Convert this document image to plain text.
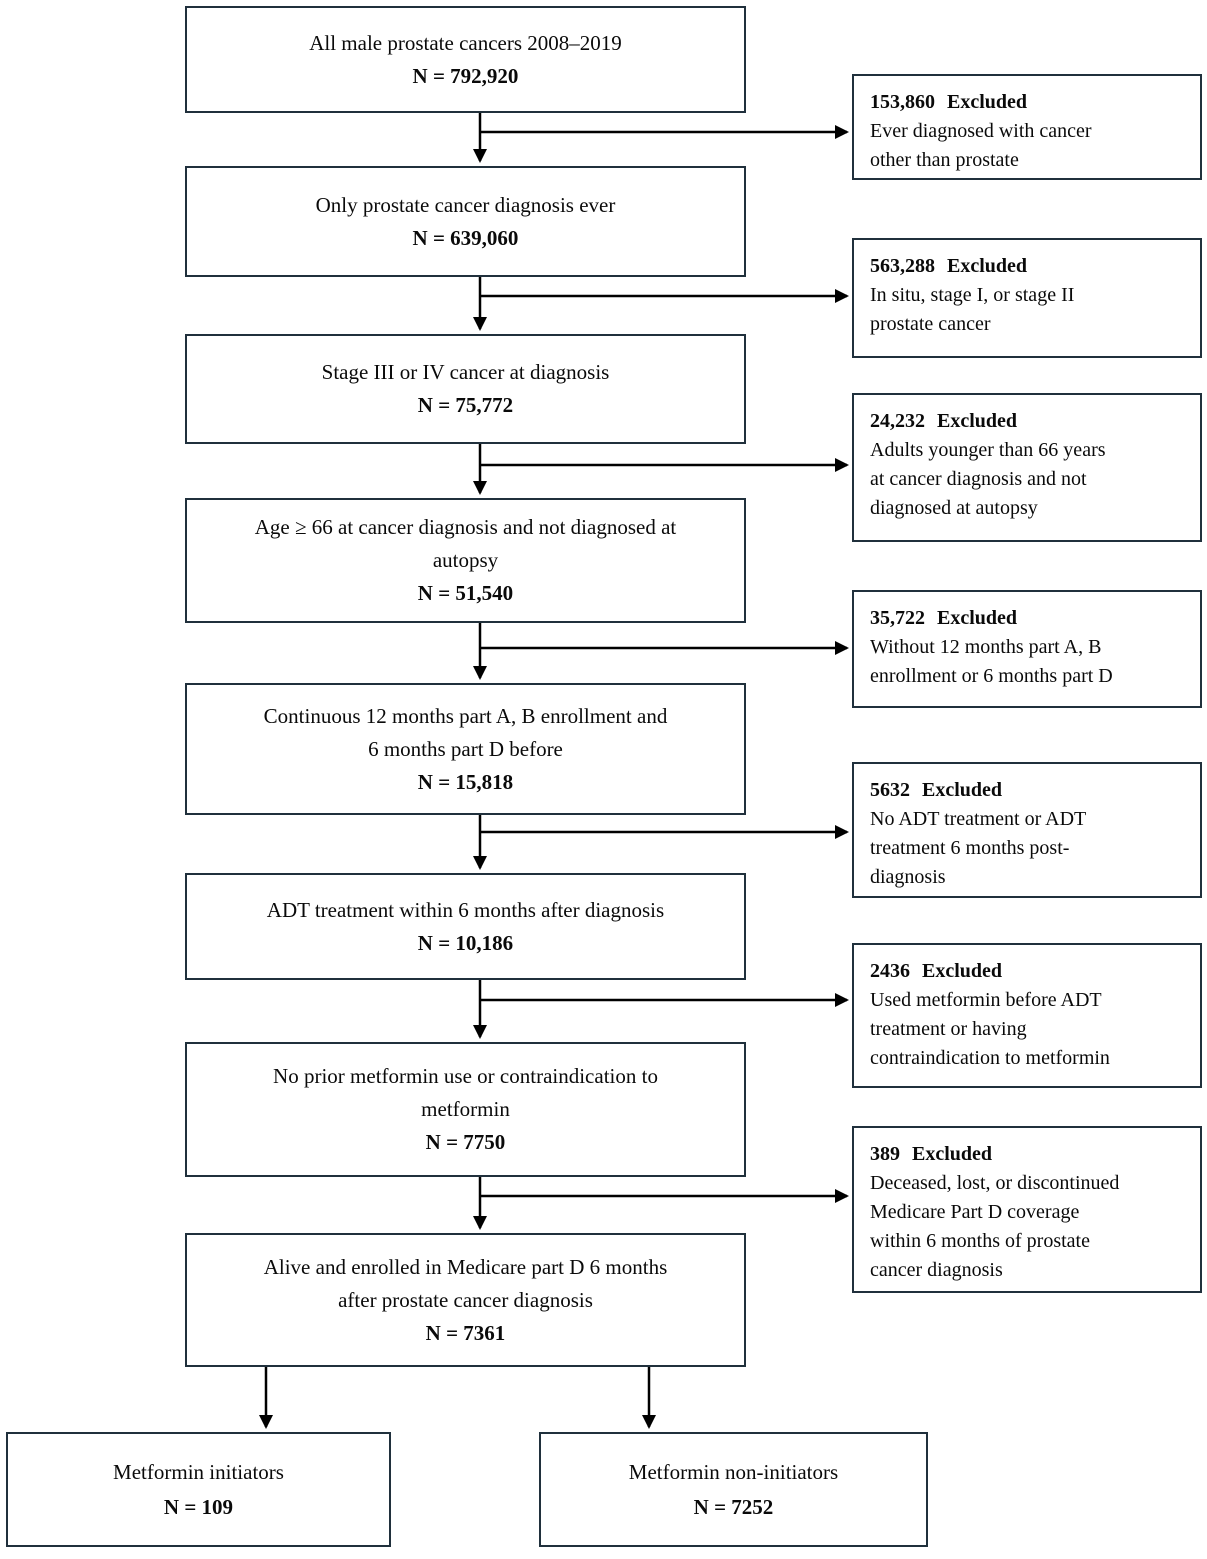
All male prostate cancers 2008–2019
N = 792,920
Only prostate cancer diagnosis ever
N = 639,060
Stage III or IV cancer at diagnosis
N = 75,772
Age ≥ 66 at cancer diagnosis and not diagnosed at
autopsy
N = 51,540
Continuous 12 months part A, B enrollment and
6 months part D before
N = 15,818
ADT treatment within 6 months after diagnosis
N = 10,186
No prior metformin use or contraindication to
metformin
N = 7750
Alive and enrolled in Medicare part D 6 months
after prostate cancer diagnosis
N = 7361
153,860 Excluded
Ever diagnosed with cancer
other than prostate
563,288 Excluded
In situ, stage I, or stage II
prostate cancer
24,232 Excluded
Adults younger than 66 years
at cancer diagnosis and not
diagnosed at autopsy
35,722 Excluded
Without 12 months part A, B
enrollment or 6 months part D
5632 Excluded
No ADT treatment or ADT
treatment 6 months post-
diagnosis
2436 Excluded
Used metformin before ADT
treatment or having
contraindication to metformin
389 Excluded
Deceased, lost, or discontinued
Medicare Part D coverage
within 6 months of prostate
cancer diagnosis
Metformin initiators
N = 109
Metformin non-initiators
N = 7252
